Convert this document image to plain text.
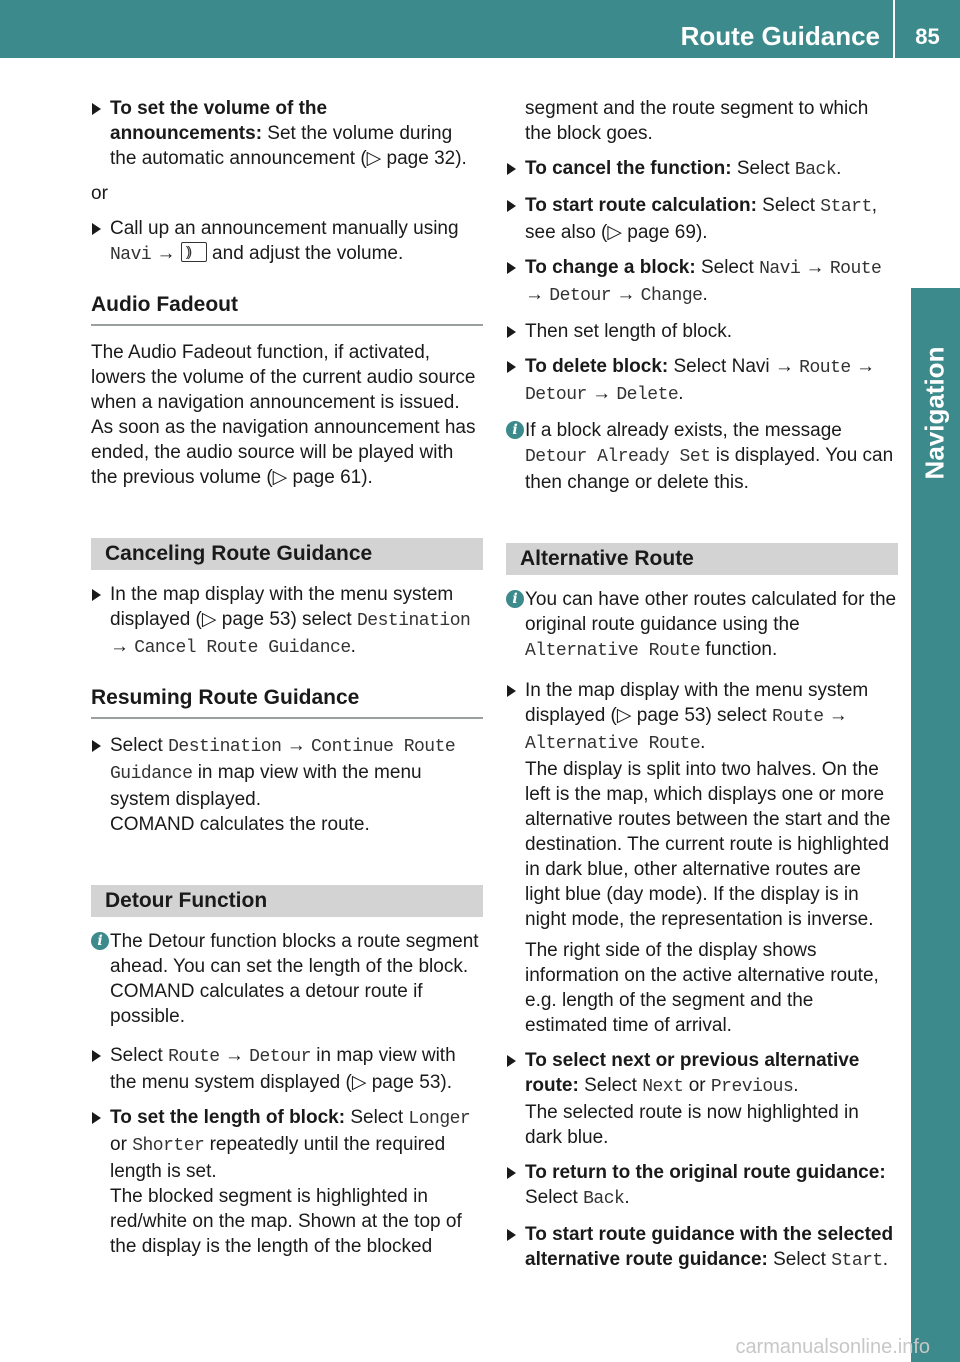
Route Guidance	85
Navigation
To set the volume of the announcements: Set the volume during the automatic announcement (▷ page 32).
or
Call up an announcement manually using Navi → )) and adjust the volume.
Audio Fadeout
The Audio Fadeout function, if activated, lowers the volume of the current audio source when a navigation announcement is issued. As soon as the navigation announcement has ended, the audio source will be played with the previous volume (▷ page 61).
Canceling Route Guidance
In the map display with the menu system displayed (▷ page 53) select Destination → Cancel Route Guidance.
Resuming Route Guidance
Select Destination → Continue Route Guidance in map view with the menu system displayed.
COMAND calculates the route.
Detour Function
i The Detour function blocks a route segment ahead. You can set the length of the block. COMAND calculates a detour route if possible.
Select Route → Detour in map view with the menu system displayed (▷ page 53).
To set the length of block: Select Longer or Shorter repeatedly until the required length is set.
The blocked segment is highlighted in red/white on the map. Shown at the top of the display is the length of the blocked
segment and the route segment to which the block goes.
To cancel the function: Select Back.
To start route calculation: Select Start, see also (▷ page 69).
To change a block: Select Navi → Route → Detour → Change.
Then set length of block.
To delete block: Select Navi → Route → Detour → Delete.
i If a block already exists, the message Detour Already Set is displayed. You can then change or delete this.
Alternative Route
i You can have other routes calculated for the original route guidance using the Alternative Route function.
In the map display with the menu system displayed (▷ page 53) select Route → Alternative Route.
The display is split into two halves. On the left is the map, which displays one or more alternative routes between the start and the destination. The current route is highlighted in dark blue, other alternative routes are light blue (day mode). If the display is in night mode, the representation is inverse.
The right side of the display shows information on the active alternative route, e.g. length of the segment and the estimated time of arrival.
To select next or previous alternative route: Select Next or Previous.
The selected route is now highlighted in dark blue.
To return to the original route guidance: Select Back.
To start route guidance with the selected alternative route guidance: Select Start.
carmanualsonline.info
